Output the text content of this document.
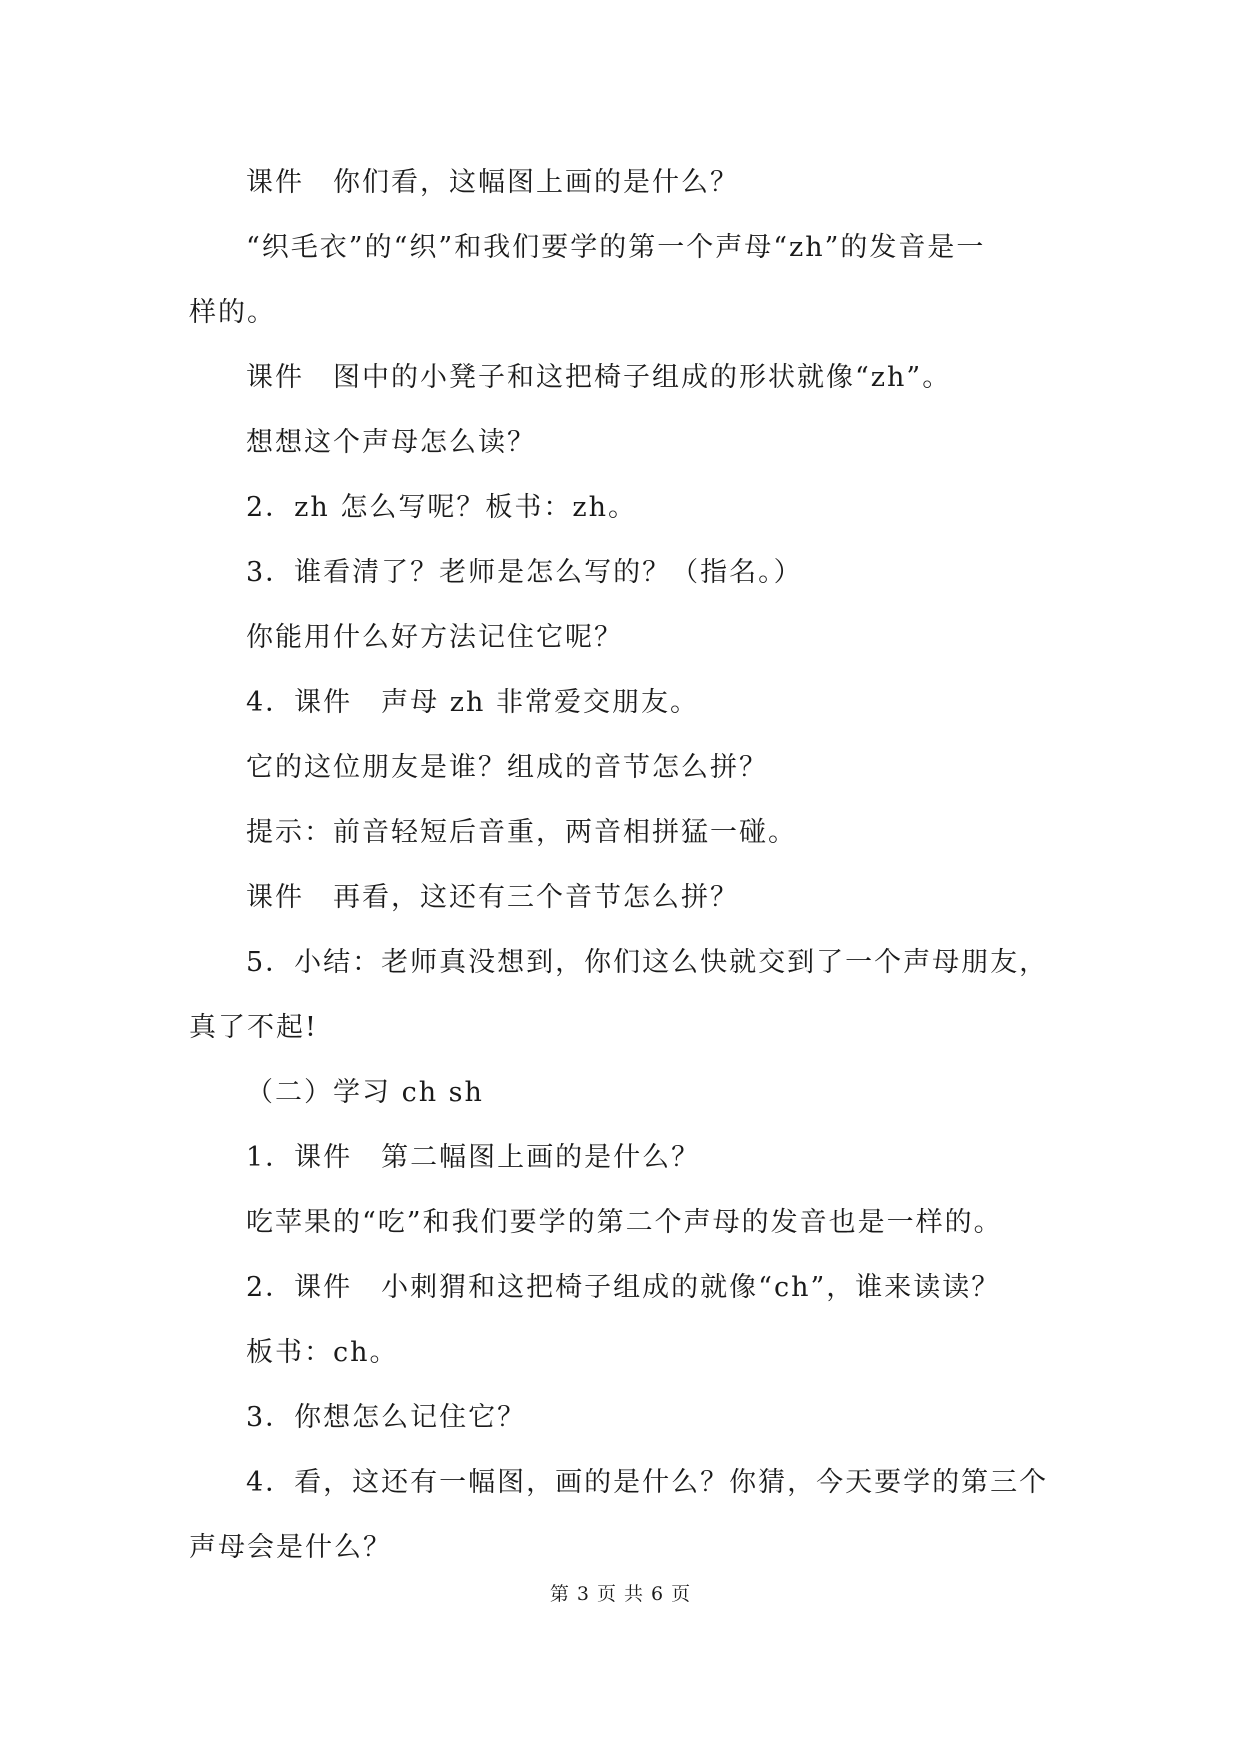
课件　你们看，这幅图上画的是什么？
“织毛衣”的“织”和我们要学的第一个声母“zh”的发音是一
样的。
课件　图中的小凳子和这把椅子组成的形状就像“zh”。
想想这个声母怎么读？
2．zh 怎么写呢？板书：zh。
3．谁看清了？老师是怎么写的？（指名。）
你能用什么好方法记住它呢？
4．课件　声母 zh 非常爱交朋友。
它的这位朋友是谁？组成的音节怎么拼？
提示：前音轻短后音重，两音相拼猛一碰。
课件　再看，这还有三个音节怎么拼？
5．小结：老师真没想到，你们这么快就交到了一个声母朋友，
真了不起!
（二）学习 ch sh
1．课件　第二幅图上画的是什么？
吃苹果的“吃”和我们要学的第二个声母的发音也是一样的。
2．课件　小刺猬和这把椅子组成的就像“ch”，谁来读读？
板书：ch。
3．你想怎么记住它？
4．看，这还有一幅图，画的是什么？你猜，今天要学的第三个
声母会是什么？
第 3 页 共 6 页
